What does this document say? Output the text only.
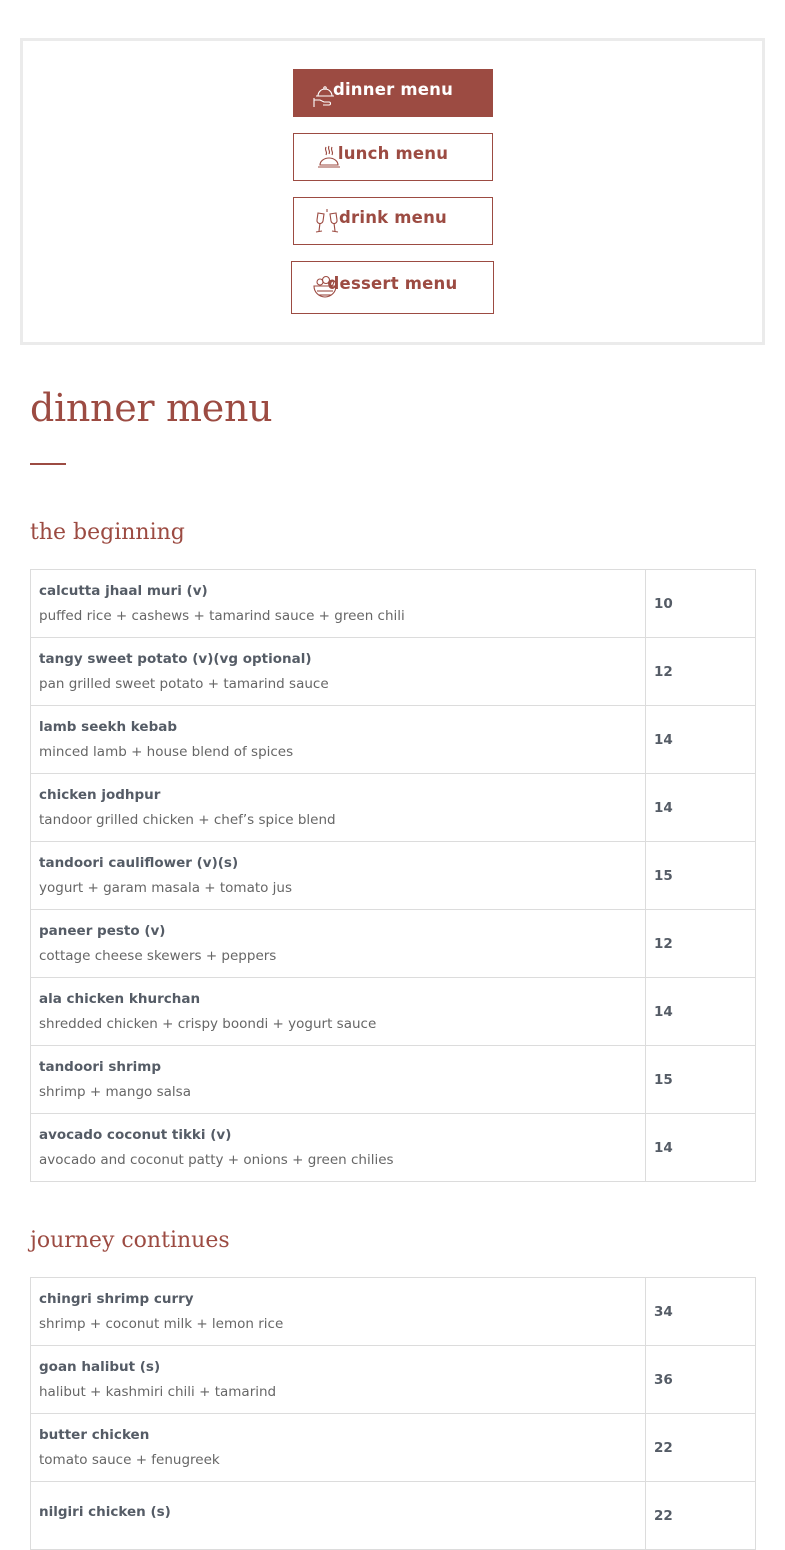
dinner menu
lunch menu
drink menu
dessert menu
dinner menu
the beginning
calcutta jhaal muri (v)
puffed rice + cashews + tamarind sauce + green chili	10

tangy sweet potato (v)(vg optional)
pan grilled sweet potato + tamarind sauce	12

lamb seekh kebab
minced lamb + house blend of spices	14

chicken jodhpur
tandoor grilled chicken + chef’s spice blend	14

tandoori cauliflower (v)(s)
yogurt + garam masala + tomato jus	15

paneer pesto (v)
cottage cheese skewers + peppers	12

ala chicken khurchan
shredded chicken + crispy boondi + yogurt sauce	14

tandoori shrimp
shrimp + mango salsa	15

avocado coconut tikki (v)
avocado and coconut patty + onions + green chilies	14
journey continues
chingri shrimp curry
shrimp + coconut milk + lemon rice	34

goan halibut (s)
halibut + kashmiri chili + tamarind	36

butter chicken
tomato sauce + fenugreek	22

nilgiri chicken (s)	22
